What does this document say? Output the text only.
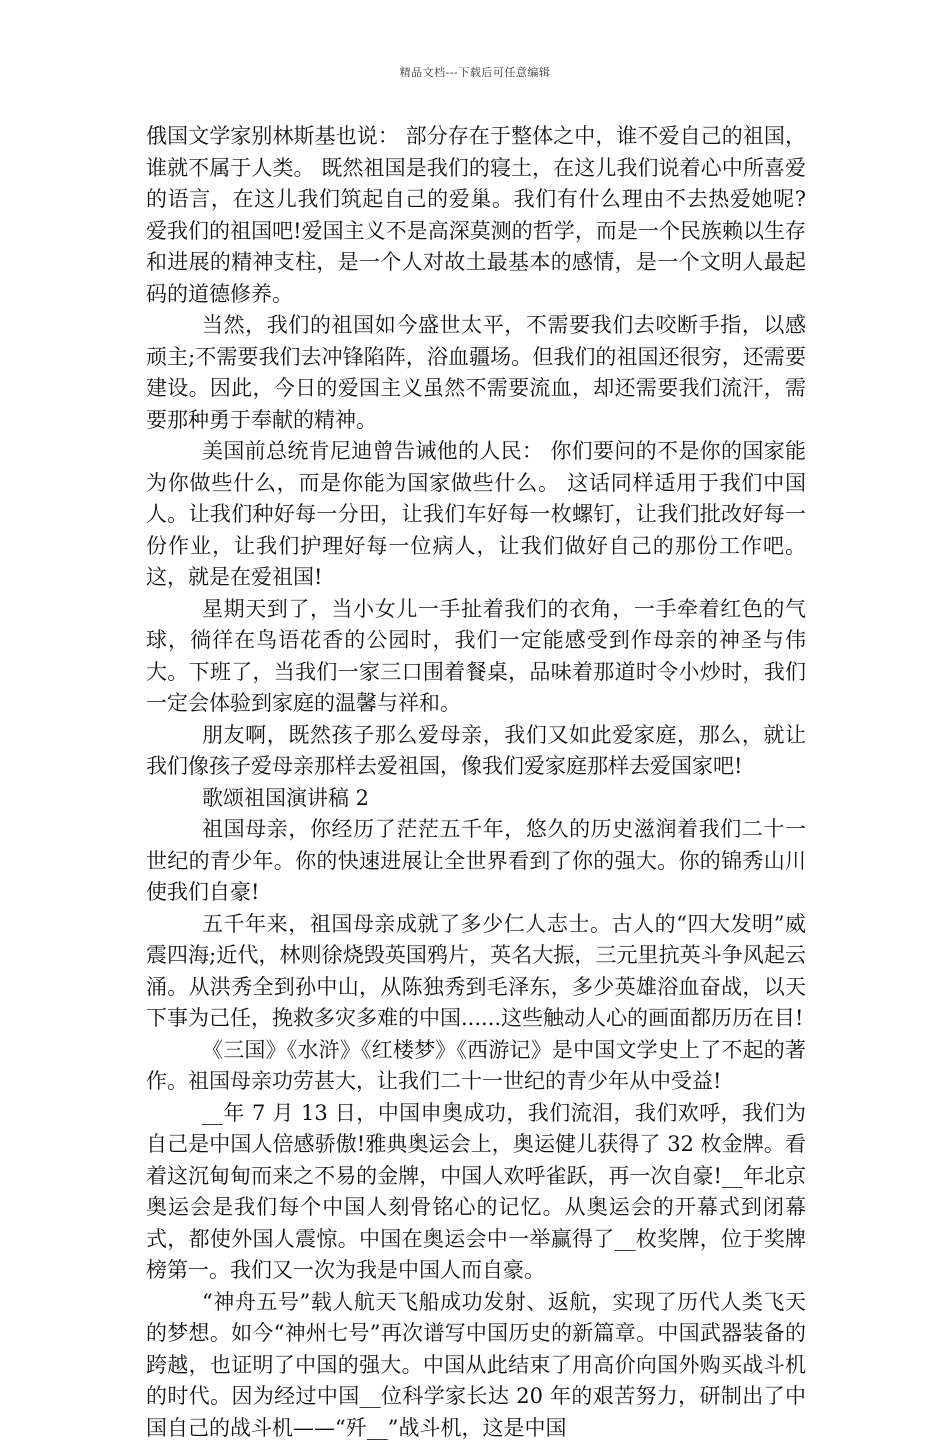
精品文档---下载后可任意编辑

俄国文学家别林斯基也说： 部分存在于整体之中，谁不爱自己的祖国，谁就不属于人类。 既然祖国是我们的寝土，在这儿我们说着心中所喜爱的语言，在这儿我们筑起自己的爱巢。我们有什么理由不去热爱她呢?爱我们的祖国吧!爱国主义不是高深莫测的哲学，而是一个民族赖以生存和进展的精神支柱，是一个人对故土最基本的感情，是一个文明人最起码的道德修养。

当然，我们的祖国如今盛世太平，不需要我们去咬断手指，以感顽主;不需要我们去冲锋陷阵，浴血疆场。但我们的祖国还很穷，还需要建设。因此，今日的爱国主义虽然不需要流血，却还需要我们流汗，需要那种勇于奉献的精神。

美国前总统肯尼迪曾告诫他的人民： 你们要问的不是你的国家能为你做些什么，而是你能为国家做些什么。 这话同样适用于我们中国人。让我们种好每一分田，让我们车好每一枚螺钉，让我们批改好每一份作业，让我们护理好每一位病人，让我们做好自己的那份工作吧。这，就是在爱祖国!

星期天到了，当小女儿一手扯着我们的衣角，一手牵着红色的气球，徜徉在鸟语花香的公园时，我们一定能感受到作母亲的神圣与伟大。下班了，当我们一家三口围着餐桌，品味着那道时令小炒时，我们一定会体验到家庭的温馨与祥和。

朋友啊，既然孩子那么爱母亲，我们又如此爱家庭，那么，就让我们像孩子爱母亲那样去爱祖国，像我们爱家庭那样去爱国家吧!

歌颂祖国演讲稿 2

祖国母亲，你经历了茫茫五千年，悠久的历史滋润着我们二十一世纪的青少年。你的快速进展让全世界看到了你的强大。你的锦秀山川使我们自豪!

五千年来，祖国母亲成就了多少仁人志士。古人的“四大发明”威震四海;近代，林则徐烧毁英国鸦片，英名大振，三元里抗英斗争风起云涌。从洪秀全到孙中山，从陈独秀到毛泽东，多少英雄浴血奋战，以天下事为己任，挽救多灾多难的中国......这些触动人心的画面都历历在目!

《三国》《水浒》《红楼梦》《西游记》是中国文学史上了不起的著作。祖国母亲功劳甚大，让我们二十一世纪的青少年从中受益!

__年 7 月 13 日，中国申奥成功，我们流泪，我们欢呼，我们为自己是中国人倍感骄傲!雅典奥运会上，奥运健儿获得了 32 枚金牌。看着这沉甸甸而来之不易的金牌，中国人欢呼雀跃，再一次自豪!__年北京奥运会是我们每个中国人刻骨铭心的记忆。从奥运会的开幕式到闭幕式，都使外国人震惊。中国在奥运会中一举赢得了__枚奖牌，位于奖牌榜第一。我们又一次为我是中国人而自豪。

“神舟五号”载人航天飞船成功发射、返航，实现了历代人类飞天的梦想。如今“神州七号”再次谱写中国历史的新篇章。中国武器装备的跨越，也证明了中国的强大。中国从此结束了用高价向国外购买战斗机的时代。因为经过中国__位科学家长达 20 年的艰苦努力，研制出了中国自己的战斗机——“歼__”战斗机，这是中国
